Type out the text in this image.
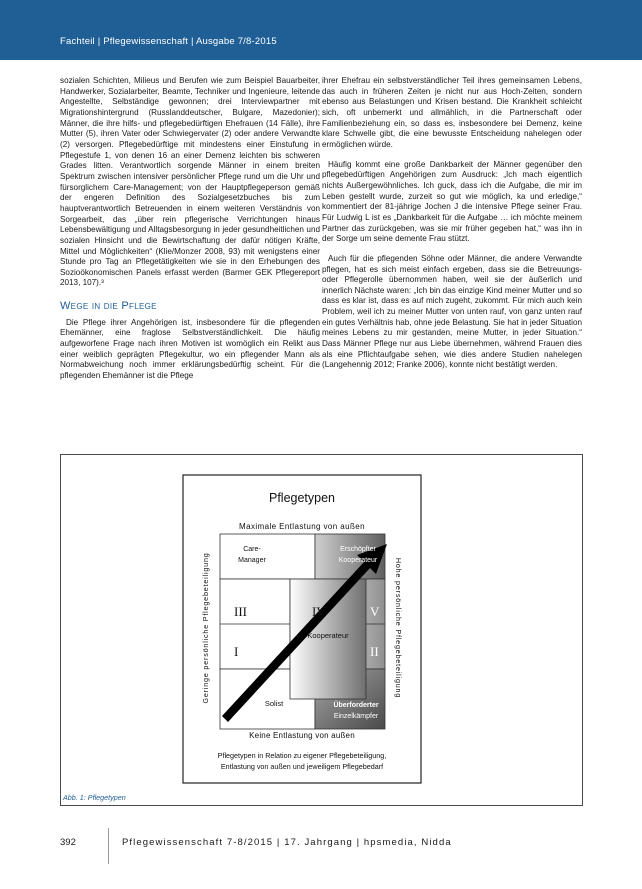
Fachteil | Pflegewissenschaft | Ausgabe 7/8-2015

sozialen Schichten, Milieus und Berufen wie zum Beispiel Bauarbeiter, Handwerker, Sozialarbeiter, Beamte, Techniker und Ingenieure, leitende Angestellte, Selbständige gewonnen; drei Interviewpartner mit Migrationshintergrund (Russlanddeutscher, Bulgare, Mazedonier); Männer, die ihre hilfs- und pflegebedürftigen Ehefrauen (14 Fälle), ihre Mutter (5), ihren Vater oder Schwiegervater (2) oder andere Verwandte (2) versorgen. Pflegebedürftige mit mindestens einer Einstufung in Pflegestufe 1, von denen 16 an einer Demenz leichten bis schweren Grades litten. Verantwortlich sorgende Männer in einem breiten Spektrum zwischen intensiver persönlicher Pflege rund um die Uhr und fürsorglichem Care-Management; von der Hauptpflegeperson gemäß der engeren Definition des Sozialgesetzbuches bis zum hauptverantwortlich Betreuenden in einem weiteren Verständnis von Sorgearbeit, das „über rein pflegerische Verrichtungen hinaus Lebensbewältigung und Alltagsbesorgung in jeder gesundheitlichen und sozialen Hinsicht und die Bewirtschaftung der dafür nötigen Kräfte, Mittel und Möglichkeiten“ (Klie/Monzer 2008, 93) mit wenigstens einer Stunde pro Tag an Pflegetätigkeiten wie sie in den Erhebungen des Sozioökonomischen Panels erfasst werden (Barmer GEK Pflegereport 2013, 107).³

Wege in die Pflege

Die Pflege ihrer Angehörigen ist, insbesondere für die pflegenden Ehemänner, eine fraglose Selbstverständlichkeit. Die häufig aufgeworfene Frage nach ihren Motiven ist womöglich ein Relikt aus einer weiblich geprägten Pflegekultur, wo ein pflegender Mann als Normabweichung noch immer erklärungsbedürftig scheint. Für die pflegenden Ehemänner ist die Pflege

ihrer Ehefrau ein selbstverständlicher Teil ihres gemeinsamen Lebens, das auch in früheren Zeiten je nicht nur aus Hoch-Zeiten, sondern ebenso aus Belastungen und Krisen bestand. Die Krankheit schleicht sich, oft unbemerkt und allmählich, in die Partnerschaft oder Familienbeziehung ein, so dass es, insbesondere bei Demenz, keine klare Schwelle gibt, die eine bewusste Entscheidung nahelegen oder ermöglichen würde.

Häufig kommt eine große Dankbarkeit der Männer gegenüber den pflegebedürftigen Angehörigen zum Ausdruck: „Ich mach eigentlich nichts Außergewöhnliches. Ich guck, dass ich die Aufgabe, die mir im Leben gestellt wurde, zurzeit so gut wie möglich, ka und erledige,“ kommentiert der 81-jährige Jochen J die intensive Pflege seiner Frau. Für Ludwig L ist es „Dankbarkeit für die Aufgabe … ich möchte meinem Partner das zurückgeben, was sie mir früher gegeben hat,“ was ihn in der Sorge um seine demente Frau stützt.

Auch für die pflegenden Söhne oder Männer, die andere Verwandte pflegen, hat es sich meist einfach ergeben, dass sie die Betreuungs- oder Pflegerolle übernommen haben, weil sie der äußerlich und innerlich Nächste waren: „Ich bin das einzige Kind meiner Mutter und so dass es klar ist, dass es auf mich zugeht, zukommt. Für mich auch kein Problem, weil ich zu meiner Mutter von unten rauf, von ganz unten rauf ein gutes Verhältnis hab, ohne jede Belastung. Sie hat in jeder Situation meines Lebens zu mir gestanden, meine Mutter, in jeder Situation.“ Dass Männer Pflege nur aus Liebe übernehmen, während Frauen dies als eine Pflichtaufgabe sehen, wie dies andere Studien nahelegen (Langehennig 2012; Franke 2006), konnte nicht bestätigt werden.

Pflegetypen
Maximale Entlastung von außen
Keine Entlastung von außen
Geringe persönliche Pflegebeteiligung	Hohe persönliche Pflegebeteiligung
Care-
Manager
Erschöpfter
Kooperateur
Kooperateur
Solist	Überforderter
Einzelkämpfer
III
I
IV	V
II
Pflegetypen in Relation zu eigener Pflegebeteiligung,
Entlastung von außen und jeweiligem Pflegebedarf
Abb. 1: Pflegetypen
392	Pflegewissenschaft 7-8/2015 | 17. Jahrgang | hpsmedia, Nidda
